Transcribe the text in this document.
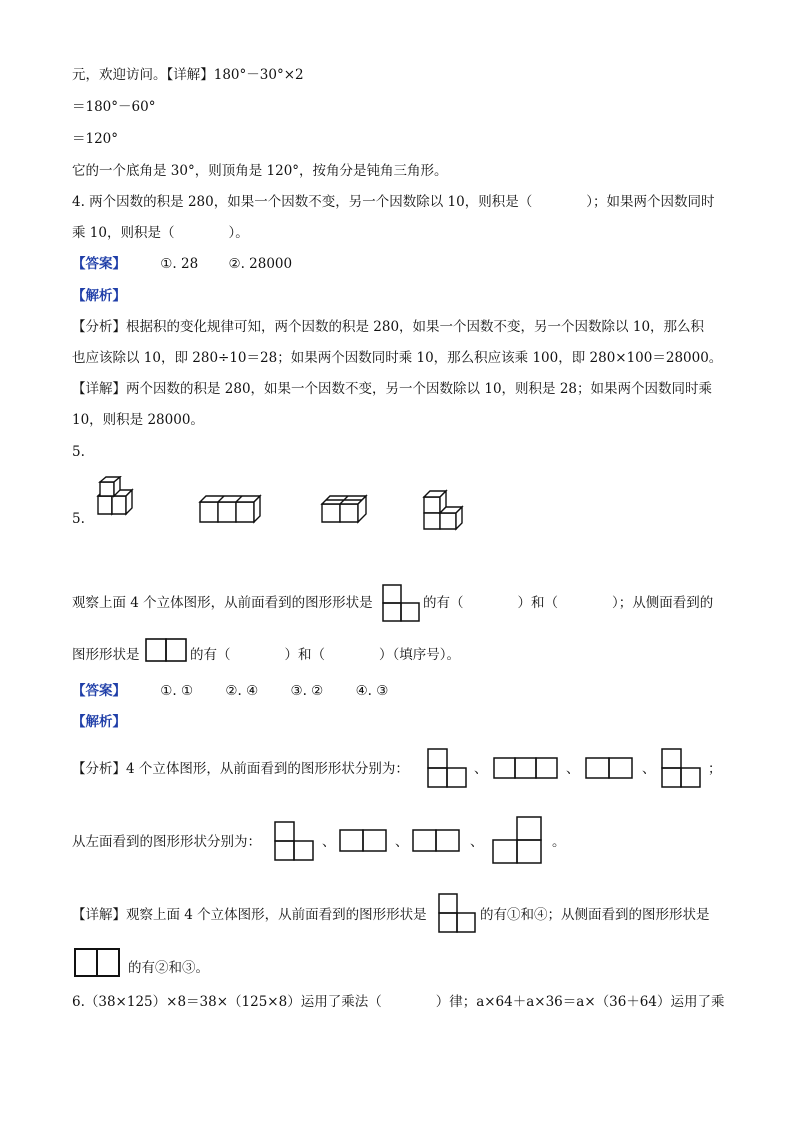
元，欢迎访问。【详解】180°－30°×2
＝180°－60°
＝120°
它的一个底角是 30°，则顶角是 120°，按角分是钝角三角形。
4. 两个因数的积是 280，如果一个因数不变，另一个因数除以 10，则积是（　　　　）；如果两个因数同时
乘 10，则积是（　　　　）。
【答案】	①. 28 ②. 28000
【解析】
【分析】根据积的变化规律可知，两个因数的积是 280，如果一个因数不变，另一个因数除以 10，那么积
也应该除以 10，即 280÷10＝28；如果两个因数同时乘 10，那么积应该乘 100，即 280×100＝28000。
【详解】两个因数的积是 280，如果一个因数不变，另一个因数除以 10，则积是 28；如果两个因数同时乘
10，则积是 28000。
5.
5.
观察上面 4 个立体图形，从前面看到的图形形状是	的有（　　　　）和（　　　　）；从侧面看到的
图形形状是	的有（　　　　）和（　　　　）（填序号）。
【答案】	①. ① ②. ④ ③. ② ④. ③
【解析】
【分析】4 个立体图形，从前面看到的图形形状分别为：	、	、	、	；
从左面看到的图形形状分别为：	、	、	、	。
【详解】观察上面 4 个立体图形，从前面看到的图形形状是	的有①和④；从侧面看到的图形形状是
的有②和③。
6.（38×125）×8＝38×（125×8）运用了乘法（　　　　）律；a×64＋a×36＝a×（36＋64）运用了乘
